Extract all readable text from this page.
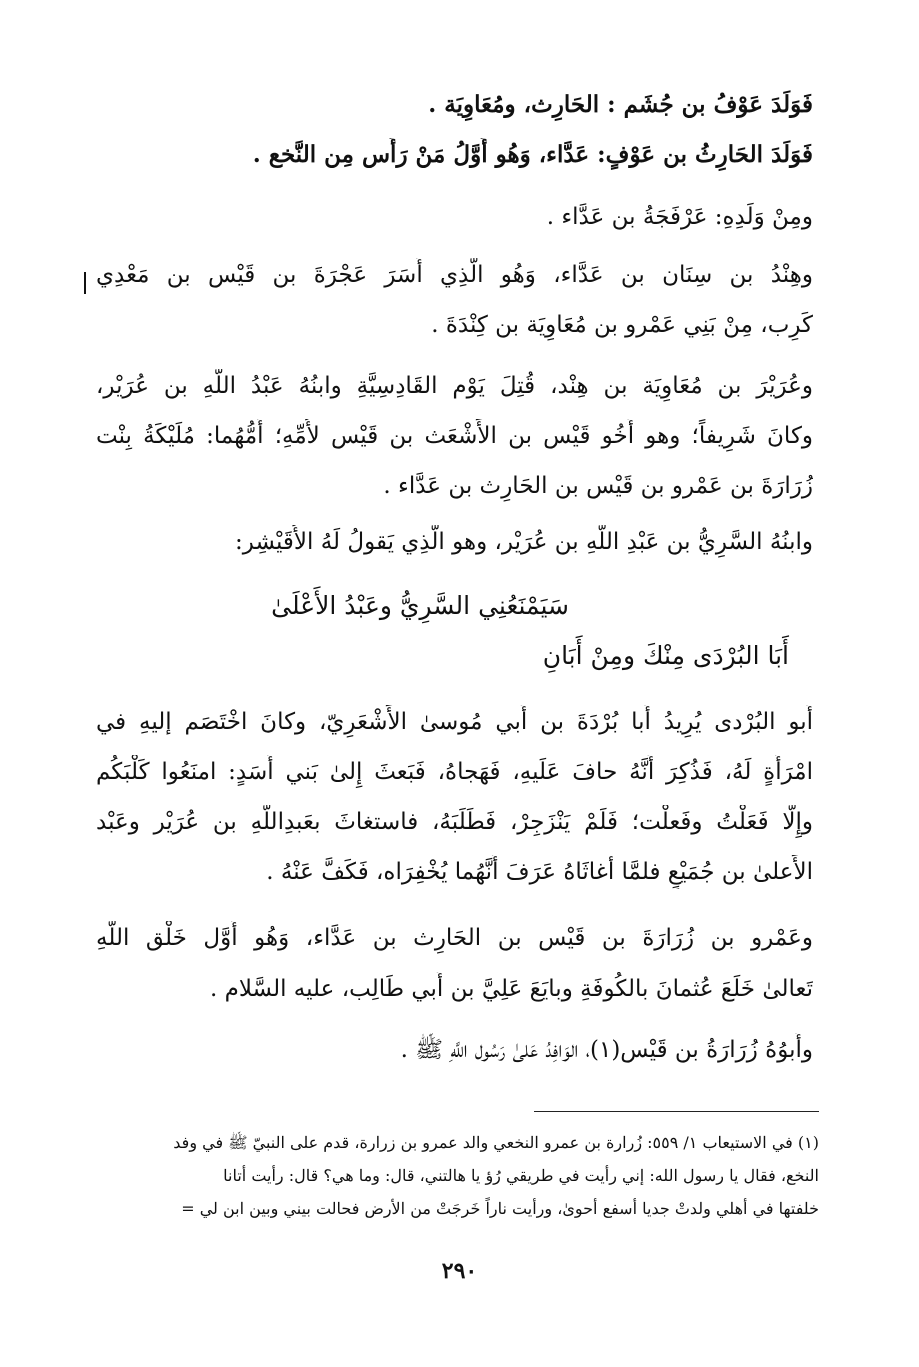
فَوَلَدَ عَوْفُ بن جُشَم : الحَارِث، ومُعَاوِيَة .
فَوَلَدَ الحَارِثُ بن عَوْفٍ: عَدَّاء، وَهُو أَوَّلُ مَنْ رَأَس مِن النَّخع .
ومِنْ وَلَدِهِ: عَرْفَجَةُ بن عَدَّاء .
وهِنْدُ بن سِنَان بن عَدَّاء، وَهُو الَّذِي أَسَرَ عَجْرَةَ بن قَيْس بن مَعْدِي
كَرِب، مِنْ بَنِي عَمْرو بن مُعَاوِيَة بن كِنْدَةَ .
وعُرَيْرَ بن مُعَاوِيَة بن هِنْد، قُتِلَ يَوْم القَادِسِيَّةِ وابنُهُ عَبْدُ اللَّهِ بن عُرَيْر،
وكانَ شَرِيفاً؛ وهو أَخُو قَيْس بن الأَشْعَث بن قَيْس لأُمِّهِ؛ أُمُّهُما: مُلَيْكَةُ بِنْت
زُرَارَةَ بن عَمْرو بن قَيْس بن الحَارِث بن عَدَّاء .
وابنُهُ السَّرِيُّ بن عَبْدِ اللَّهِ بن عُرَيْر، وهو الَّذِي يَقولُ لَهُ الأُقَيْشِر:
سَيَمْنَعُنِي السَّرِيُّ وعَبْدُ الأَعْلَىٰ
أَبَا البُرْدَى مِنْكَ ومِنْ أَبَانِ
أَبو البُرْدى يُرِيدُ أَبا بُرْدَةَ بن أَبي مُوسىٰ الأَشْعَرِيّ، وكانَ اخْتَصَم إليهِ في
امْرَأَةٍ لَهُ، فَذُكِرَ أَنَّهُ حافَ عَلَيهِ، فَهَجاهُ، فَبَعثَ إِلىٰ بَني أَسَدٍ: امنَعُوا كَلْبَكُم
وإِلَّا فَعَلْتُ وفَعلْت؛ فَلَمْ يَنْزَجِرْ، فَطَلَبَهُ، فاستغاثَ بعَبدِاللّهِ بن عُرَيْر وعَبْد
الأَعلىٰ بن جُمَيْعٍ فلمَّا أغاثَاهُ عَرَفَ أَنَّهُما يُخْفِرَاه، فَكَفَّ عَنْهُ .
وعَمْرو بن زُرَارَةَ بن قَيْس بن الحَارِث بن عَدَّاء، وَهُو أَوَّل خَلْق اللَّهِ
تَعالىٰ خَلَعَ عُثمانَ بالكُوفَةِ وبايَعَ عَلِيَّ بن أَبي طَالِب، عليه السَّلام .
وأَبوُهُ زُرَارَةُ بن قَيْس(١)، الوَافِدُ عَلىٰ رَسُول اللَّهِ ﷺ .
(١) في الاستيعاب ١/ ٥٥٩: زُرارة بن عمرو النخعي والد عمرو بن زرارة، قدم على النبيّ ﷺ في وفد
النخع، فقال يا رسول الله: إني رأيت في طريقي رُؤ يا هالتني، قال: وما هي؟ قال: رأيت أتانا
خلفتها في أهلي ولدتْ جديا أسفع أحوىٰ، ورأيت ناراً خَرجَتْ من الأرض فحالت بيني وبين ابن لي =
٢٩٠
